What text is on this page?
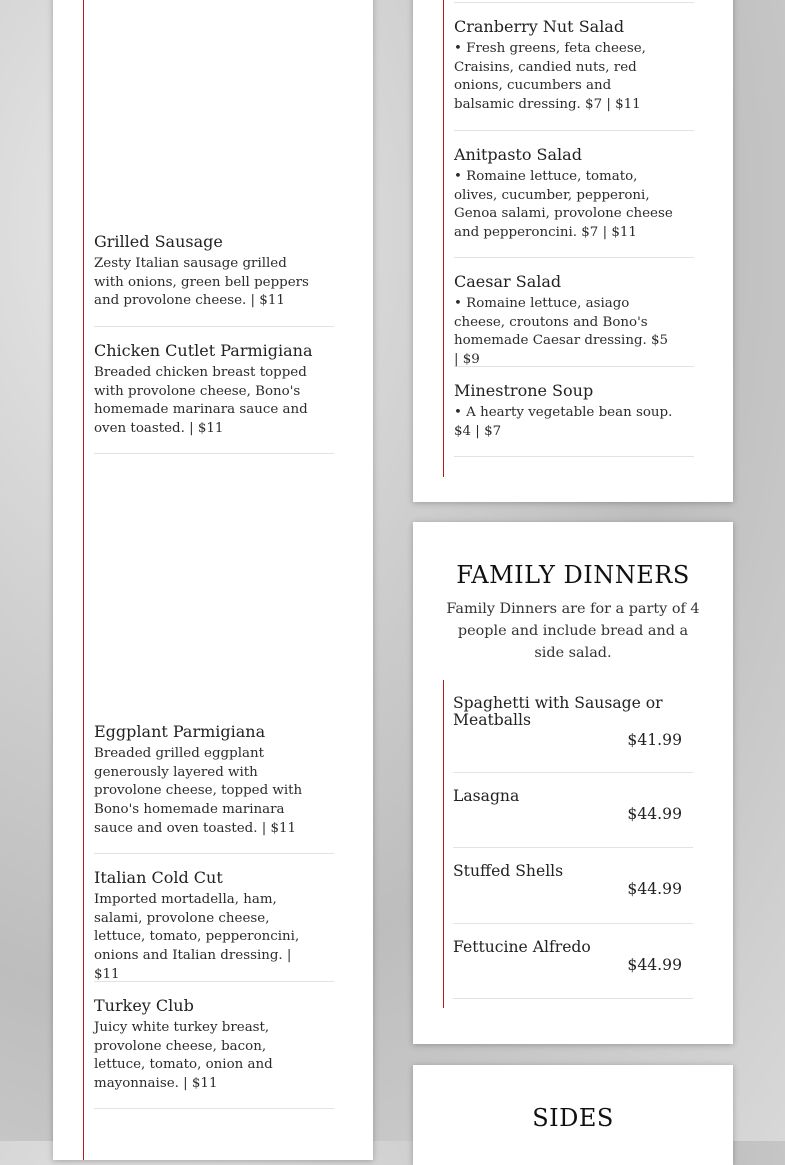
Grilled Sausage
Zesty Italian sausage grilled with onions, green bell peppers and provolone cheese. | $11
Chicken Cutlet Parmigiana
Breaded chicken breast topped with provolone cheese, Bono's homemade marinara sauce and oven toasted. | $11
Eggplant Parmigiana
Breaded grilled eggplant generously layered with provolone cheese, topped with Bono's homemade marinara sauce and oven toasted. | $11
Italian Cold Cut
Imported mortadella, ham, salami, provolone cheese, lettuce, tomato, pepperoncini, onions and Italian dressing. | $11
Turkey Club
Juicy white turkey breast, provolone cheese, bacon, lettuce, tomato, onion and mayonnaise. | $11
Cranberry Nut Salad
• Fresh greens, feta cheese, Craisins, candied nuts, red onions, cucumbers and balsamic dressing. $7 | $11
Anitpasto Salad
• Romaine lettuce, tomato, olives, cucumber, pepperoni, Genoa salami, provolone cheese and pepperoncini. $7 | $11
Caesar Salad
• Romaine lettuce, asiago cheese, croutons and Bono's homemade Caesar dressing. $5 | $9
Minestrone Soup
• A hearty vegetable bean soup. $4 | $7
FAMILY DINNERS
Family Dinners are for a party of 4 people and include bread and a side salad.
Spaghetti with Sausage or Meatballs
$41.99
Lasagna
$44.99
Stuffed Shells
$44.99
Fettucine Alfredo
$44.99
SIDES
